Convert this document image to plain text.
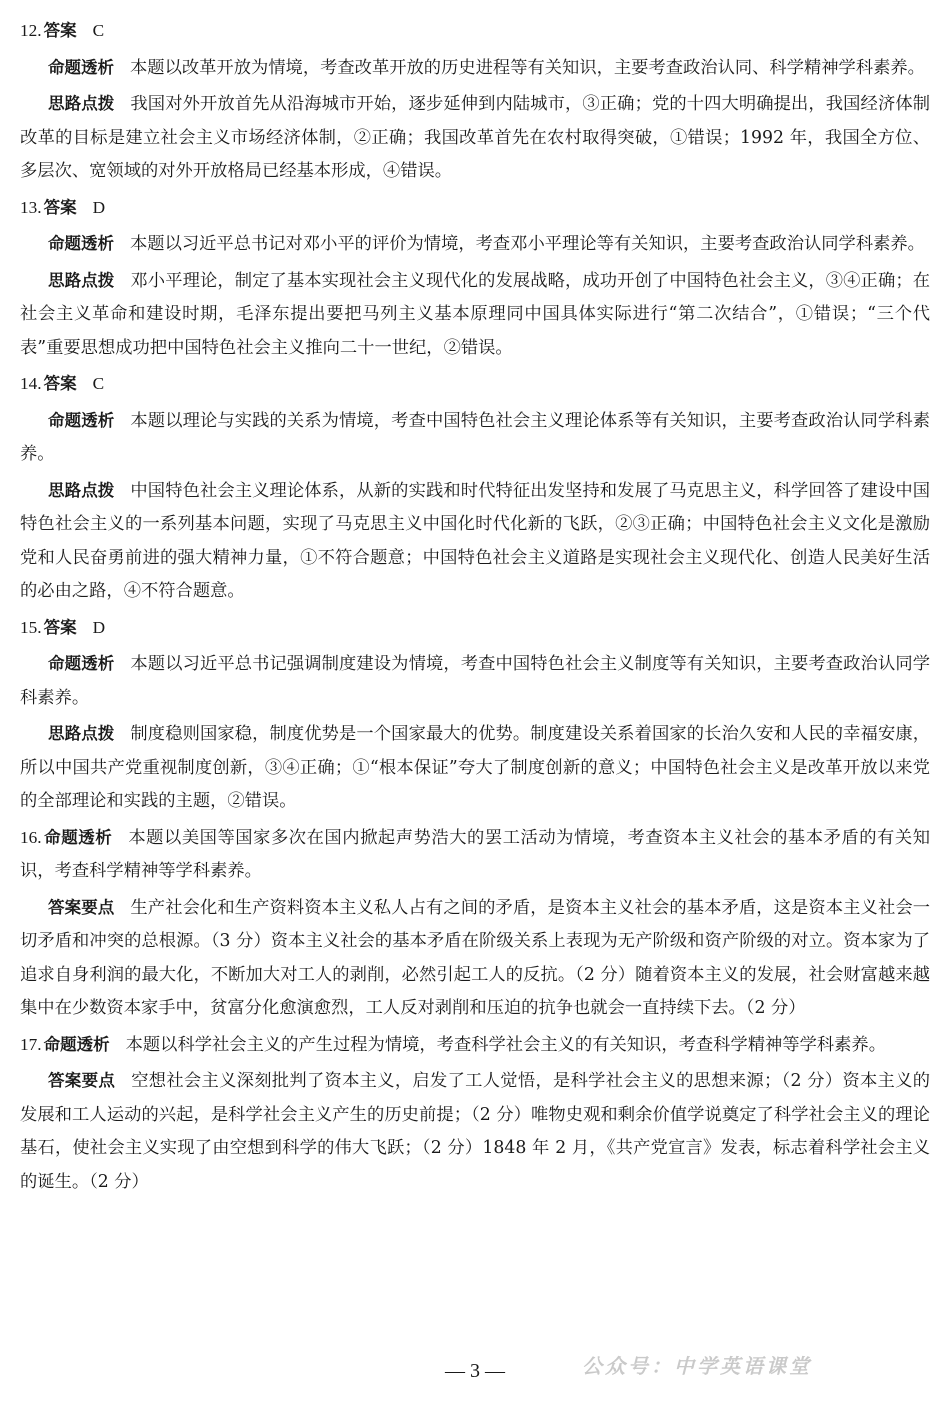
12. 答案 C

命题透析 本题以改革开放为情境，考查改革开放的历史进程等有关知识，主要考查政治认同、科学精神学科素养。

思路点拨 我国对外开放首先从沿海城市开始，逐步延伸到内陆城市，③正确；党的十四大明确提出，我国经济体制改革的目标是建立社会主义市场经济体制，②正确；我国改革首先在农村取得突破，①错误；1992 年，我国全方位、多层次、宽领域的对外开放格局已经基本形成，④错误。

13. 答案 D

命题透析 本题以习近平总书记对邓小平的评价为情境，考查邓小平理论等有关知识，主要考查政治认同学科素养。

思路点拨 邓小平理论，制定了基本实现社会主义现代化的发展战略，成功开创了中国特色社会主义，③④正确；在社会主义革命和建设时期，毛泽东提出要把马列主义基本原理同中国具体实际进行“第二次结合”，①错误；“三个代表”重要思想成功把中国特色社会主义推向二十一世纪，②错误。

14. 答案 C

命题透析 本题以理论与实践的关系为情境，考查中国特色社会主义理论体系等有关知识，主要考查政治认同学科素养。

思路点拨 中国特色社会主义理论体系，从新的实践和时代特征出发坚持和发展了马克思主义，科学回答了建设中国特色社会主义的一系列基本问题，实现了马克思主义中国化时代化新的飞跃，②③正确；中国特色社会主义文化是激励党和人民奋勇前进的强大精神力量，①不符合题意；中国特色社会主义道路是实现社会主义现代化、创造人民美好生活的必由之路，④不符合题意。

15. 答案 D

命题透析 本题以习近平总书记强调制度建设为情境，考查中国特色社会主义制度等有关知识，主要考查政治认同学科素养。

思路点拨 制度稳则国家稳，制度优势是一个国家最大的优势。制度建设关系着国家的长治久安和人民的幸福安康，所以中国共产党重视制度创新，③④正确；①“根本保证”夸大了制度创新的意义；中国特色社会主义是改革开放以来党的全部理论和实践的主题，②错误。

16. 命题透析 本题以美国等国家多次在国内掀起声势浩大的罢工活动为情境，考查资本主义社会的基本矛盾的有关知识，考查科学精神等学科素养。

答案要点 生产社会化和生产资料资本主义私人占有之间的矛盾，是资本主义社会的基本矛盾，这是资本主义社会一切矛盾和冲突的总根源。（3 分）资本主义社会的基本矛盾在阶级关系上表现为无产阶级和资产阶级的对立。资本家为了追求自身利润的最大化，不断加大对工人的剥削，必然引起工人的反抗。（2 分）随着资本主义的发展，社会财富越来越集中在少数资本家手中，贫富分化愈演愈烈，工人反对剥削和压迫的抗争也就会一直持续下去。（2 分）

17. 命题透析 本题以科学社会主义的产生过程为情境，考查科学社会主义的有关知识，考查科学精神等学科素养。

答案要点 空想社会主义深刻批判了资本主义，启发了工人觉悟，是科学社会主义的思想来源；（2 分）资本主义的发展和工人运动的兴起，是科学社会主义产生的历史前提；（2 分）唯物史观和剩余价值学说奠定了科学社会主义的理论基石，使社会主义实现了由空想到科学的伟大飞跃；（2 分）1848 年 2 月，《共产党宣言》发表，标志着科学社会主义的诞生。（2 分）

— 3 —	公众号：中学英语课堂
